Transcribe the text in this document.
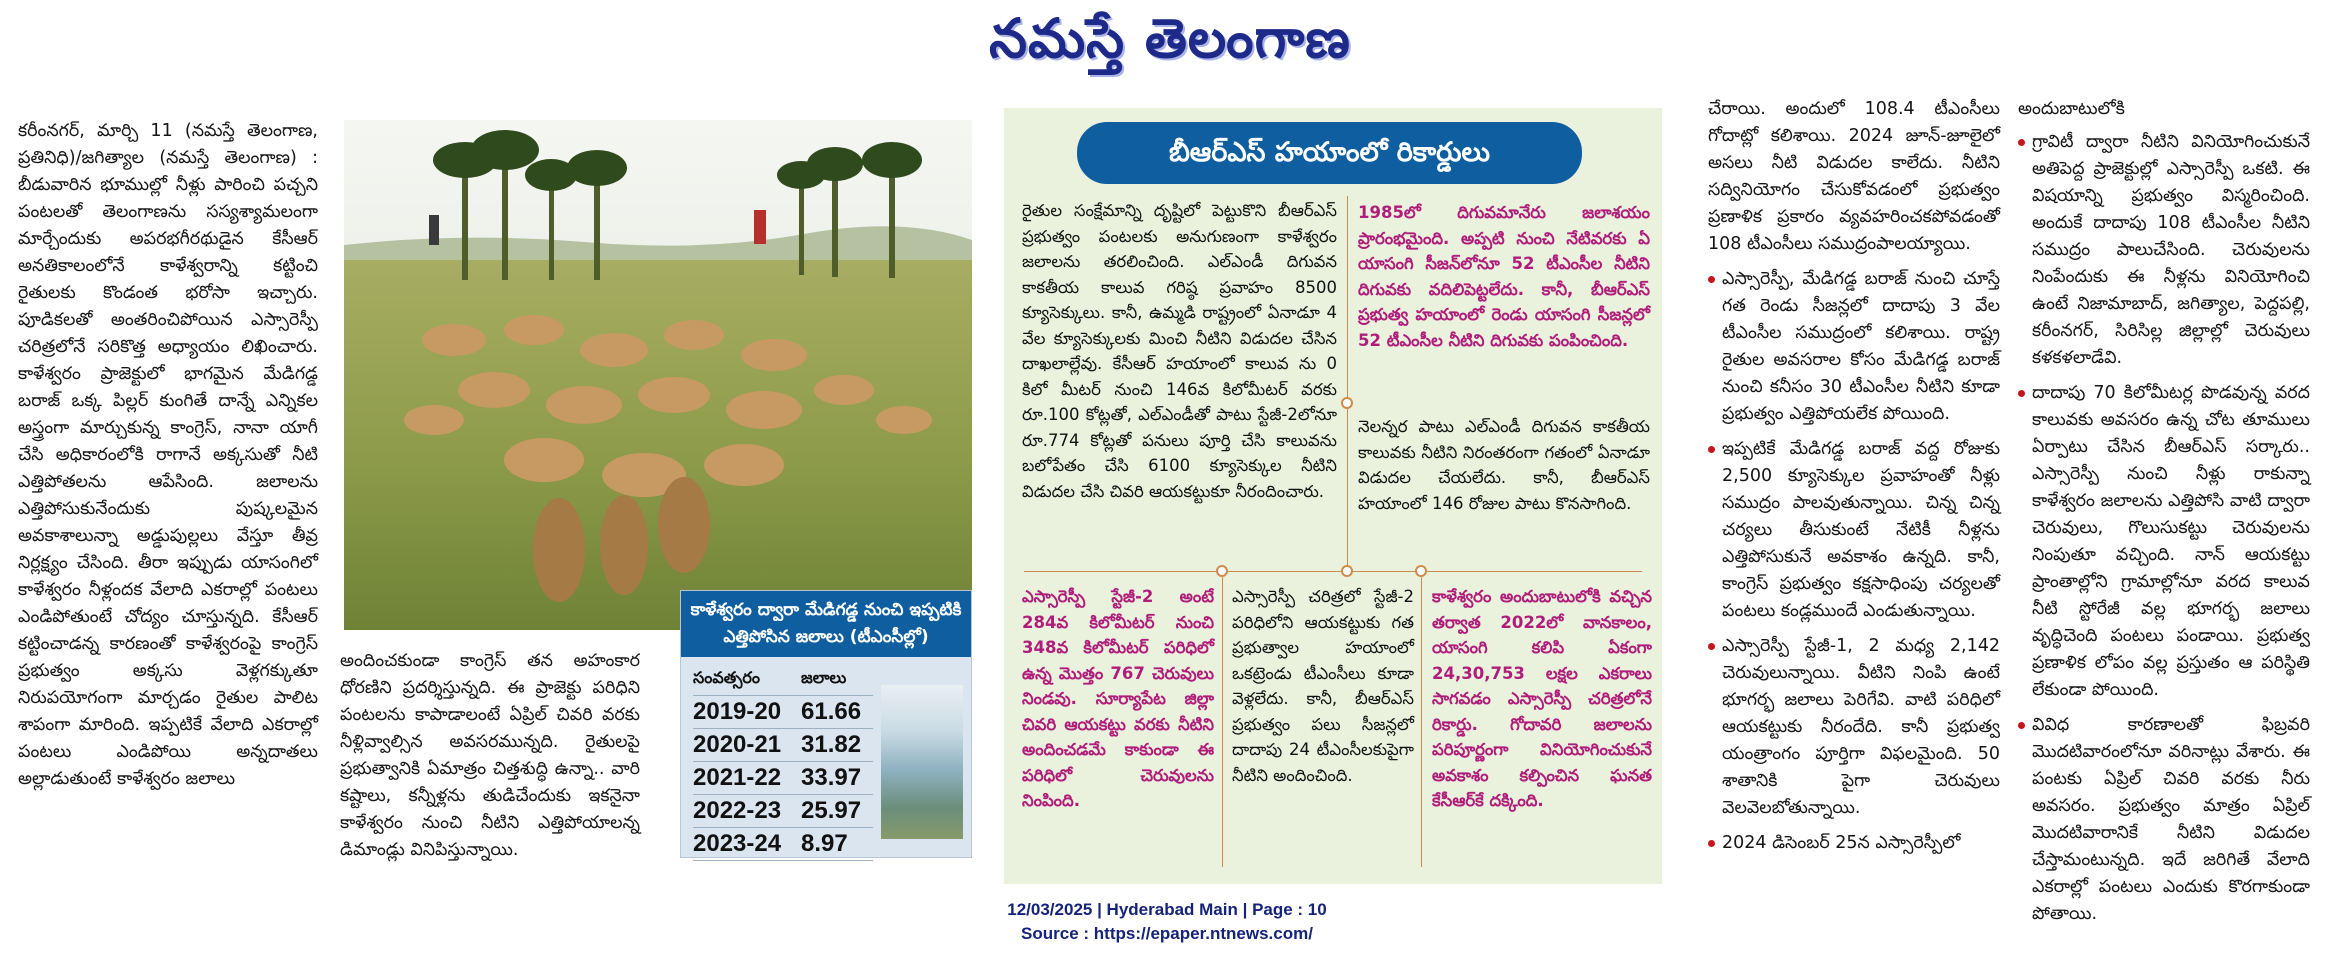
నమస్తే తెలంగాణ

కరీంనగర్, మార్చి 11 (నమస్తే తెలంగాణ, ప్రతినిధి)/జగిత్యాల (నమస్తే తెలంగాణ) : బీడువారిన భూముల్లో నీళ్లు పారించి పచ్చని పంటలతో తెలంగాణను సస్యశ్యామలంగా మార్చేందుకు అపరభగీరథుడైన కేసీఆర్ అనతికాలంలోనే కాళేశ్వరాన్ని కట్టించి రైతులకు కొండంత భరోసా ఇచ్చారు. పూడికలతో అంతరించిపోయిన ఎస్సారెస్పీ చరిత్రలోనే సరికొత్త అధ్యాయం లిఖించారు. కాళేశ్వరం ప్రాజెక్టులో భాగమైన మేడిగడ్డ బరాజ్ ఒక్క పిల్లర్ కుంగితే దాన్నే ఎన్నికల అస్త్రంగా మార్చుకున్న కాంగ్రెస్, నానా యాగీ చేసి అధికారంలోకి రాగానే అక్కసుతో నీటి ఎత్తిపోతలను ఆపేసింది. జలాలను ఎత్తిపోసుకునేందుకు పుష్కలమైన అవకాశాలున్నా అడ్డుపుల్లలు వేస్తూ తీవ్ర నిర్లక్ష్యం చేసింది. తీరా ఇప్పుడు యాసంగిలో కాళేశ్వరం నీళ్లందక వేలాది ఎకరాల్లో పంటలు ఎండిపోతుంటే చోద్యం చూస్తున్నది. కేసీఆర్ కట్టించాడన్న కారణంతో కాళేశ్వరంపై కాంగ్రెస్ ప్రభుత్వం అక్కసు వెళ్లగక్కుతూ నిరుపయోగంగా మార్చడం రైతుల పాలిట శాపంగా మారింది. ఇప్పటికే వేలాది ఎకరాల్లో పంటలు ఎండిపోయి అన్నదాతలు అల్లాడుతుంటే కాళేశ్వరం జలాలు

అందించకుండా కాంగ్రెస్ తన అహంకార ధోరణిని ప్రదర్శిస్తున్నది. ఈ ప్రాజెక్టు పరిధిని పంటలను కాపాడాలంటే ఏప్రిల్ చివరి వరకు నీళ్లివ్వాల్సిన అవసరమున్నది. రైతులపై ప్రభుత్వానికి ఏమాత్రం చిత్తశుద్ధి ఉన్నా.. వారి కష్టాలు, కన్నీళ్లను తుడిచేందుకు ఇకనైనా కాళేశ్వరం నుంచి నీటిని ఎత్తిపోయాలన్న డిమాండ్లు వినిపిస్తున్నాయి.

కాళేశ్వరం ద్వారా మేడిగడ్డ నుంచి ఇప్పటికి ఎత్తిపోసిన జలాలు (టీఎంసీల్లో)
సంవత్సరం	జలాలు
2019-20 61.66
2020-21 31.82
2021-22 33.97
2022-23 25.97
2023-24 8.97
బీఆర్ఎస్ హయాంలో రికార్డులు
రైతుల సంక్షేమాన్ని దృష్టిలో పెట్టుకొని బీఆర్ఎస్ ప్రభుత్వం పంటలకు అనుగుణంగా కాళేశ్వరం జలాలను తరలించింది. ఎల్ఎండీ దిగువన కాకతీయ కాలువ గరిష్ఠ ప్రవాహం 8500 క్యూసెక్కులు. కానీ, ఉమ్మడి రాష్ట్రంలో ఏనాడూ 4 వేల క్యూసెక్కులకు మించి నీటిని విడుదల చేసిన దాఖలాల్లేవు. కేసీఆర్ హయాంలో కాలువ ను 0 కిలో మీటర్ నుంచి 146వ కిలోమీటర్ వరకు రూ.100 కోట్లతో, ఎల్ఎండీతో పాటు స్టేజీ-2లోనూ రూ.774 కోట్లతో పనులు పూర్తి చేసి కాలువను బలోపేతం చేసి 6100 క్యూసెక్కుల నీటిని విడుదల చేసి చివరి ఆయకట్టుకూ నీరందించారు.
1985లో దిగువమానేరు జలాశయం ప్రారంభమైంది. అప్పటి నుంచి నేటివరకు ఏ యాసంగి సీజన్‌లోనూ 52 టీఎంసీల నీటిని దిగువకు వదిలిపెట్టలేదు. కానీ, బీఆర్ఎస్ ప్రభుత్వ హయాంలో రెండు యాసంగి సీజన్లలో 52 టీఎంసీల నీటిని దిగువకు పంపించింది.
నెలన్నర పాటు ఎల్ఎండీ దిగువన కాకతీయ కాలువకు నీటిని నిరంతరంగా గతంలో ఏనాడూ విడుదల చేయలేదు. కానీ, బీఆర్ఎస్ హయాంలో 146 రోజుల పాటు కొనసాగింది.
ఎస్సారెస్పీ స్టేజీ-2 అంటే 284వ కిలోమీటర్ నుంచి 348వ కిలోమీటర్ పరిధిలో ఉన్న మొత్తం 767 చెరువులు నిండవు. సూర్యాపేట జిల్లా చివరి ఆయకట్టు వరకు నీటిని అందించడమే కాకుండా ఈ పరిధిలో చెరువులను నింపింది.
ఎస్సారెస్పీ చరిత్రలో స్టేజీ-2 పరిధిలోని ఆయకట్టుకు గత ప్రభుత్వాల హయాంలో ఒకట్రెండు టీఎంసీలు కూడా వెళ్లలేదు. కానీ, బీఆర్ఎస్ ప్రభుత్వం పలు సీజన్లలో దాదాపు 24 టీఎంసీలకుపైగా నీటిని అందించింది.
కాళేశ్వరం అందుబాటులోకి వచ్చిన తర్వాత 2022లో వానకాలం, యాసంగి కలిపి ఏకంగా 24,30,753 లక్షల ఎకరాలు సాగవడం ఎస్సారెస్పీ చరిత్రలోనే రికార్డు. గోదావరి జలాలను పరిపూర్ణంగా వినియోగించుకునే అవకాశం కల్పించిన ఘనత కేసీఆర్‌కే దక్కింది.

చేరాయి. అందులో 108.4 టీఎంసీలు గోదాట్లో కలిశాయి. 2024 జూన్-జూలైలో అసలు నీటి విడుదల కాలేదు. నీటిని సద్వినియోగం చేసుకోవడంలో ప్రభుత్వం ప్రణాళిక ప్రకారం వ్యవహరించకపోవడంతో 108 టీఎంసీలు సముద్రంపాలయ్యాయి.

ఎస్సారెస్పీ, మేడిగడ్డ బరాజ్ నుంచి చూస్తే గత రెండు సీజన్లలో దాదాపు 3 వేల టీఎంసీల సముద్రంలో కలిశాయి. రాష్ట్ర రైతుల అవసరాల కోసం మేడిగడ్డ బరాజ్ నుంచి కనీసం 30 టీఎంసీల నీటిని కూడా ప్రభుత్వం ఎత్తిపోయలేక పోయింది.

ఇప్పటికే మేడిగడ్డ బరాజ్ వద్ద రోజుకు 2,500 క్యూసెక్కుల ప్రవాహంతో నీళ్లు సముద్రం పాలవుతున్నాయి. చిన్న చిన్న చర్యలు తీసుకుంటే నేటికీ నీళ్లను ఎత్తిపోసుకునే అవకాశం ఉన్నది. కానీ, కాంగ్రెస్ ప్రభుత్వం కక్షసాధింపు చర్యలతో పంటలు కండ్లముందే ఎండుతున్నాయి.

ఎస్సారెస్పీ స్టేజీ-1, 2 మధ్య 2,142 చెరువులున్నాయి. వీటిని నింపి ఉంటే భూగర్భ జలాలు పెరిగేవి. వాటి పరిధిలో ఆయకట్టుకు నీరందేది. కానీ ప్రభుత్వ యంత్రాంగం పూర్తిగా విఫలమైంది. 50 శాతానికి పైగా చెరువులు వెలవెలబోతున్నాయి.

2024 డిసెంబర్ 25న ఎస్సారెస్పీలో

అందుబాటులోకి

గ్రావిటీ ద్వారా నీటిని వినియోగించుకునే అతిపెద్ద ప్రాజెక్టుల్లో ఎస్సారెస్పీ ఒకటి. ఈ విషయాన్ని ప్రభుత్వం విస్మరించింది. అందుకే దాదాపు 108 టీఎంసీల నీటిని సముద్రం పాలుచేసింది. చెరువులను నింపేందుకు ఈ నీళ్లను వినియోగించి ఉంటే నిజామాబాద్, జగిత్యాల, పెద్దపల్లి, కరీంనగర్, సిరిసిల్ల జిల్లాల్లో చెరువులు కళకళలాడేవి.

దాదాపు 70 కిలోమీటర్ల పొడవున్న వరద కాలువకు అవసరం ఉన్న చోట తూములు ఏర్పాటు చేసిన బీఆర్ఎస్ సర్కారు.. ఎస్సారెస్పీ నుంచి నీళ్లు రాకున్నా కాళేశ్వరం జలాలను ఎత్తిపోసి వాటి ద్వారా చెరువులు, గొలుసుకట్టు చెరువులను నింపుతూ వచ్చింది. నాన్ ఆయకట్టు ప్రాంతాల్లోని గ్రామాల్లోనూ వరద కాలువ నీటి స్టోరేజీ వల్ల భూగర్భ జలాలు వృద్ధిచెంది పంటలు పండాయి. ప్రభుత్వ ప్రణాళిక లోపం వల్ల ప్రస్తుతం ఆ పరిస్థితి లేకుండా పోయింది.

వివిధ కారణాలతో ఫిబ్రవరి మొదటివారంలోనూ వరినాట్లు వేశారు. ఈ పంటకు ఏప్రిల్ చివరి వరకు నీరు అవసరం. ప్రభుత్వం మాత్రం ఏప్రిల్ మొదటివారానికే నీటిని విడుదల చేస్తామంటున్నది. ఇదే జరిగితే వేలాది ఎకరాల్లో పంటలు ఎందుకు కొరగాకుండా పోతాయి.

12/03/2025 | Hyderabad Main | Page : 10
Source : https://epaper.ntnews.com/
